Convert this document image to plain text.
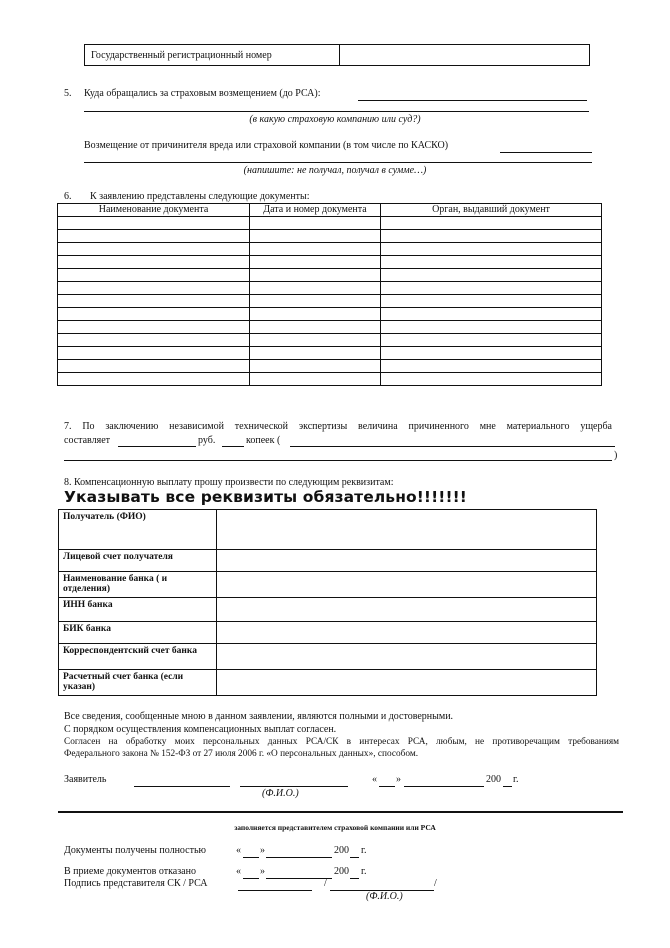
Государственный регистрационный номер	
5. Куда обращались за страховым возмещением (до РСА):
(в какую страховую компанию или суд?)
Возмещение от причинителя вреда или страховой компании (в том числе по КАСКО)
(напишите: не получал, получал в сумме…)
6. К заявлению представлены следующие документы:
Наименование документа	Дата и номер документа	Орган, выдавший документ

7. По заключению независимой технической экспертизы величина причиненного мне материального ущерба
составляет	руб.	копеек (
)
8. Компенсационную выплату прошу произвести по следующим реквизитам:
Указывать все реквизиты обязательно!!!!!!!
Получатель (ФИО)	
Лицевой счет получателя	

Наименование банка ( и отделения)	

ИНН банка	
БИК банка	

Корреспондентский счет банка	

Расчетный счет банка (если указан)	
Все сведения, сообщенные мною в данном заявлении, являются полными и достоверными.
С порядком осуществления компенсационных выплат согласен.
Согласен на обработку моих персональных данных РСА/СК в интересах РСА, любым, не противоречащим требованиям
Федерального закона № 152-ФЗ от 27 июля 2006 г. «О персональных данных», способом.
Заявитель	« »	200 г.
(Ф.И.О.)
заполняется представителем страховой компании или РСА
Документы получены полностью	« »	200 г.
В приеме документов отказано	« »	200 г.
Подпись представителя СК / РСА	/	/
(Ф.И.О.)
